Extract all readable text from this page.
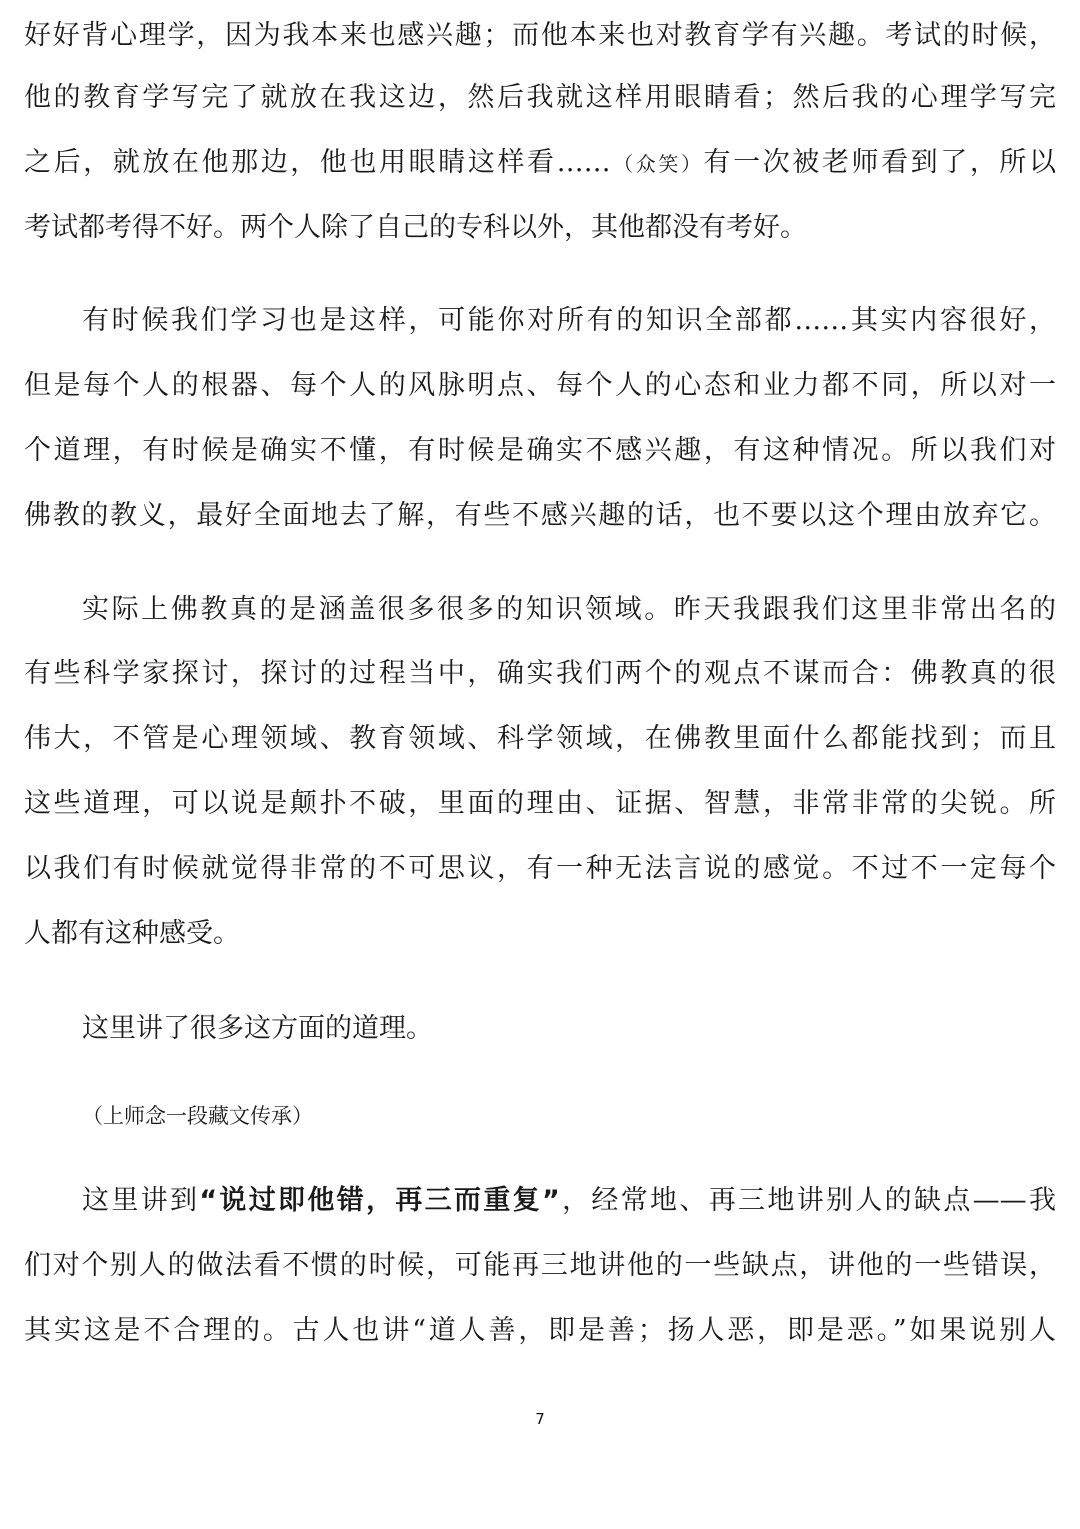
好好背心理学，因为我本来也感兴趣；而他本来也对教育学有兴趣。考试的时候，
他的教育学写完了就放在我这边，然后我就这样用眼睛看；然后我的心理学写完
之后，就放在他那边，他也用眼睛这样看……（众笑）有一次被老师看到了，所以
考试都考得不好。两个人除了自己的专科以外，其他都没有考好。
有时候我们学习也是这样，可能你对所有的知识全部都……其实内容很好，
但是每个人的根器、每个人的风脉明点、每个人的心态和业力都不同，所以对一
个道理，有时候是确实不懂，有时候是确实不感兴趣，有这种情况。所以我们对
佛教的教义，最好全面地去了解，有些不感兴趣的话，也不要以这个理由放弃它。
实际上佛教真的是涵盖很多很多的知识领域。昨天我跟我们这里非常出名的
有些科学家探讨，探讨的过程当中，确实我们两个的观点不谋而合：佛教真的很
伟大，不管是心理领域、教育领域、科学领域，在佛教里面什么都能找到；而且
这些道理，可以说是颠扑不破，里面的理由、证据、智慧，非常非常的尖锐。所
以我们有时候就觉得非常的不可思议，有一种无法言说的感觉。不过不一定每个
人都有这种感受。
这里讲了很多这方面的道理。
（上师念一段藏文传承）
这里讲到“说过即他错，再三而重复”，经常地、再三地讲别人的缺点——我
们对个别人的做法看不惯的时候，可能再三地讲他的一些缺点，讲他的一些错误，
其实这是不合理的。古人也讲“道人善，即是善；扬人恶，即是恶。”如果说别人
7
